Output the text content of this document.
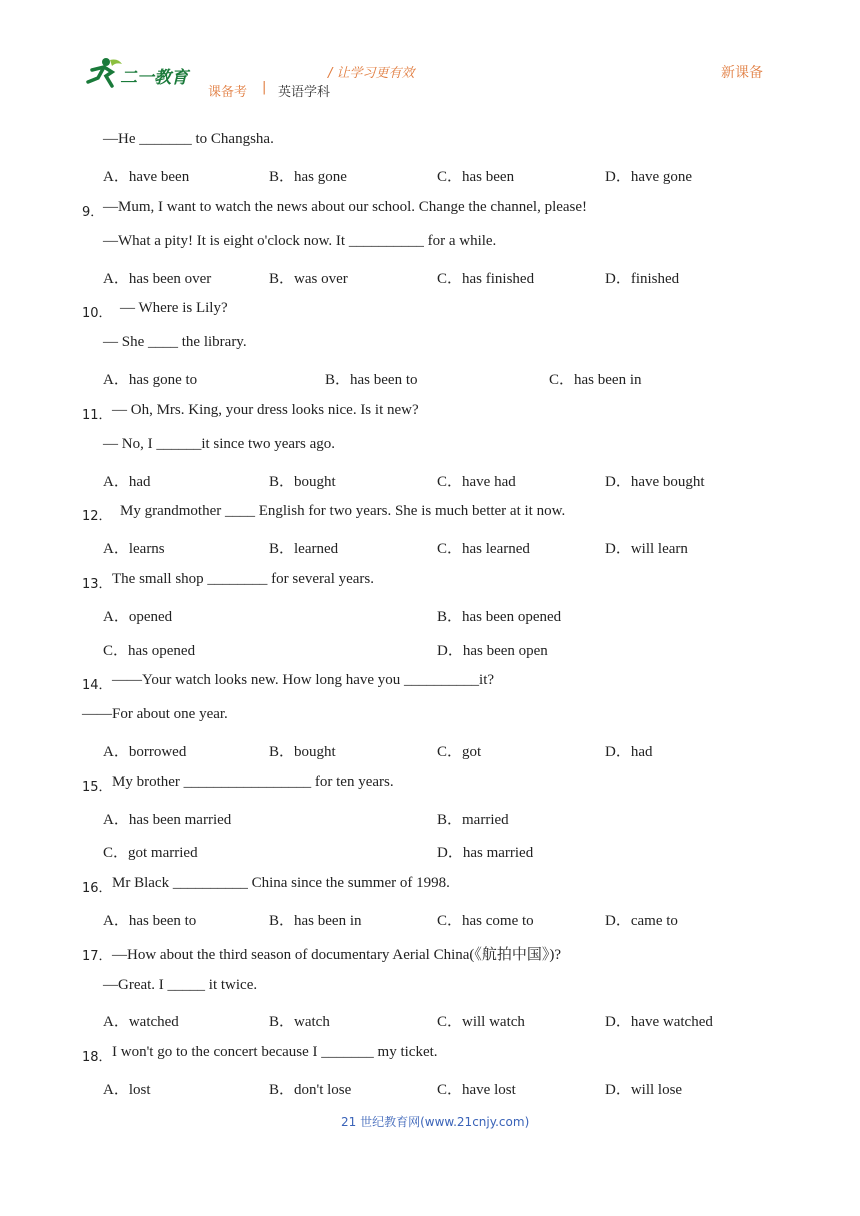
二一教育	/ 让学习更有效	新课备
课备考 | 英语学科
—He _______ to Changsha.
A．have been	B．has gone	C．has been	D．have gone
9． —Mum, I want to watch the news about our school. Change the channel, please!
—What a pity! It is eight o'clock now. It __________ for a while.
A．has been over	B．was over	C．has finished	D．finished
10． — Where is Lily?
— She ____ the library.
A．has gone to	B．has been to	C．has been in
11． — Oh, Mrs. King, your dress looks nice. Is it new?
— No, I ______it since two years ago.
A．had	B．bought	C．have had	D．have bought
12． My grandmother ____ English for two years. She is much better at it now.
A．learns	B．learned	C．has learned	D．will learn
13． The small shop ________ for several years.
A．opened	B．has been opened
C．has opened	D．has been open
14． ——Your watch looks new. How long have you __________it?
——For about one year.
A．borrowed	B．bought	C．got	D．had
15． My brother _________________ for ten years.
A．has been married	B．married
C．got married	D．has married
16． Mr Black __________ China since the summer of 1998.
A．has been to	B．has been in	C．has come to	D．came to
17． —How about the third season of documentary Aerial China(《航拍中国》)?
—Great. I _____ it twice.
A．watched	B．watch	C．will watch	D．have watched
18． I won't go to the concert because I _______ my ticket.
A．lost	B．don't lose	C．have lost	D．will lose
21 世纪教育网(www.21cnjy.com)
